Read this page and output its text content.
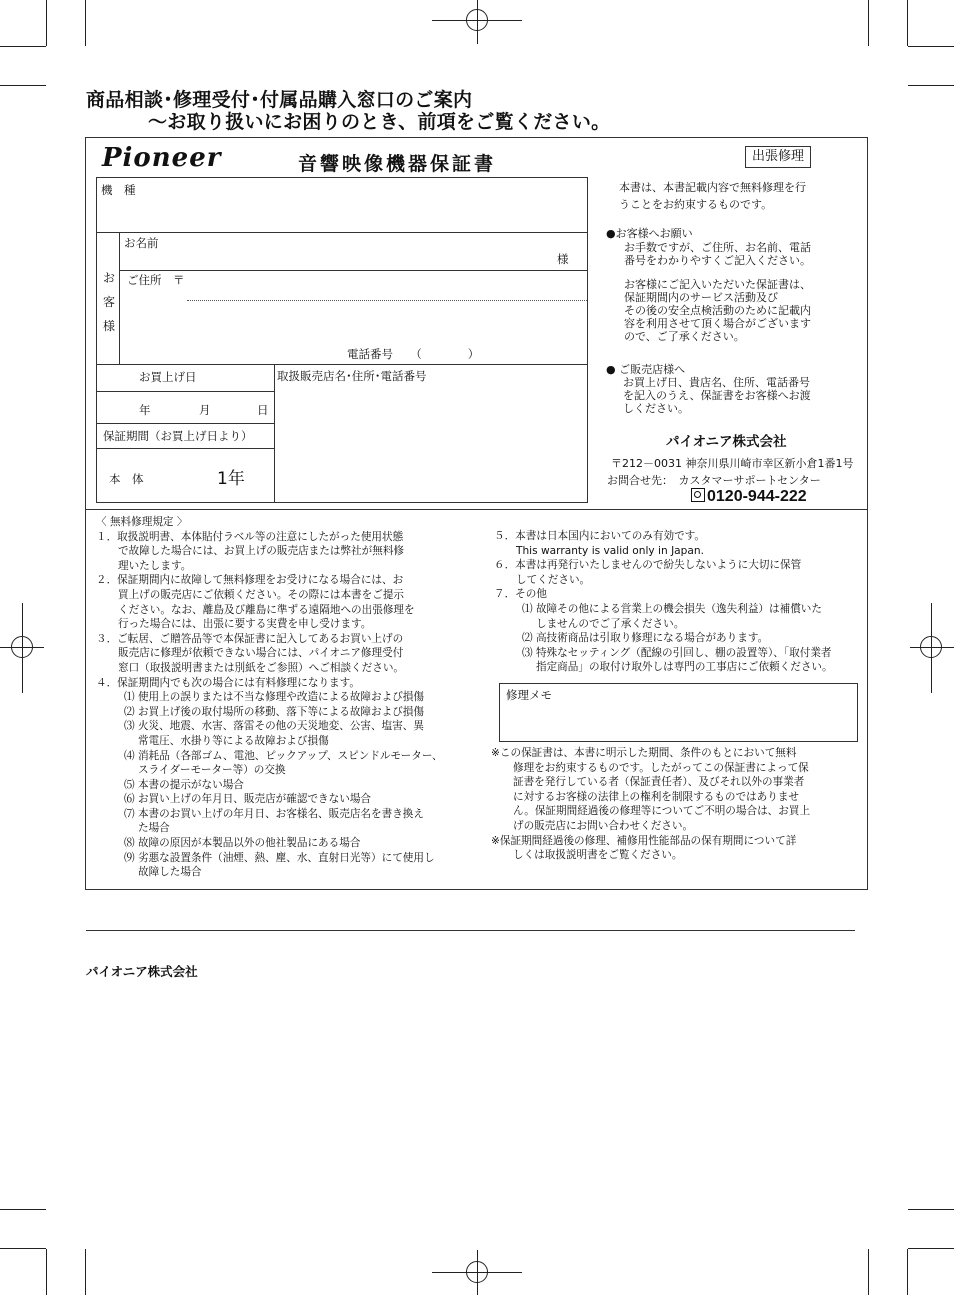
商品相談･修理受付･付属品購入窓口のご案内
～お取り扱いにお困りのとき、前項をご覧ください。
Pioneer	音響映像機器保証書	出張修理
機　種
お
客
様
お名前
様
ご住所　〒
電話番号　　（　　　　）
お買上げ日
年	月	日
保証期間（お買上げ日より）
本　体	1年
取扱販売店名･住所･電話番号
本書は、本書記載内容で無料修理を行
うことをお約束するものです。
●お客様へお願い
お手数ですが、ご住所、お名前、電話
番号をわかりやすくご記入ください。
お客様にご記入いただいた保証書は、
保証期間内のサービス活動及び
その後の安全点検活動のために記載内
容を利用させて頂く場合がございます
ので、ご了承ください。
● ご販売店様へ
お買上げ日、貴店名、住所、電話番号
を記入のうえ、保証書をお客様へお渡
しください。
パイオニア株式会社
〒212－0031 神奈川県川崎市幸区新小倉1番1号
お問合せ先：　カスタマーサポートセンター
0120-944-222
〈 無料修理規定 〉
１．取扱説明書、本体貼付ラベル等の注意にしたがった使用状態
で故障した場合には、お買上げの販売店または弊社が無料修
理いたします。
２．保証期間内に故障して無料修理をお受けになる場合には、お
買上げの販売店にご依頼ください。その際には本書をご提示
ください。なお、離島及び離島に準ずる遠隔地への出張修理を
行った場合には、出張に要する実費を申し受けます。
３．ご転居、ご贈答品等で本保証書に記入してあるお買い上げの
販売店に修理が依頼できない場合には、パイオニア修理受付
窓口（取扱説明書または別紙をご参照）へご相談ください。
４．保証期間内でも次の場合には有料修理になります。
⑴ 使用上の誤りまたは不当な修理や改造による故障および損傷
⑵ お買上げ後の取付場所の移動、落下等による故障および損傷
⑶ 火災、地震、水害、落雷その他の天災地変、公害、塩害、異
常電圧、水掛り等による故障および損傷
⑷ 消耗品（各部ゴム、電池、ピックアップ、スピンドルモーター、
スライダーモーター等）の交換
⑸ 本書の提示がない場合
⑹ お買い上げの年月日、販売店が確認できない場合
⑺ 本書のお買い上げの年月日、お客様名、販売店名を書き換え
た場合
⑻ 故障の原因が本製品以外の他社製品にある場合
⑼ 劣悪な設置条件（油煙、熱、塵、水、直射日光等）にて使用し
故障した場合
５．本書は日本国内においてのみ有効です。
This warranty is valid only in Japan.
６．本書は再発行いたしませんので紛失しないように大切に保管
してください。
７．その他
⑴ 故障その他による営業上の機会損失（逸失利益）は補償いた
しませんのでご了承ください。
⑵ 高技術商品は引取り修理になる場合があります。
⑶ 特殊なセッティング（配線の引回し、棚の設置等）、「取付業者
指定商品」の取付け取外しは専門の工事店にご依頼ください。
修理メモ
※この保証書は、本書に明示した期間、条件のもとにおいて無料
修理をお約束するものです。したがってこの保証書によって保
証書を発行している者（保証責任者）、及びそれ以外の事業者
に対するお客様の法律上の権利を制限するものではありませ
ん。保証期間経過後の修理等についてご不明の場合は、お買上
げの販売店にお問い合わせください。
※保証期間経過後の修理、補修用性能部品の保有期間について詳
しくは取扱説明書をご覧ください。
パイオニア株式会社
